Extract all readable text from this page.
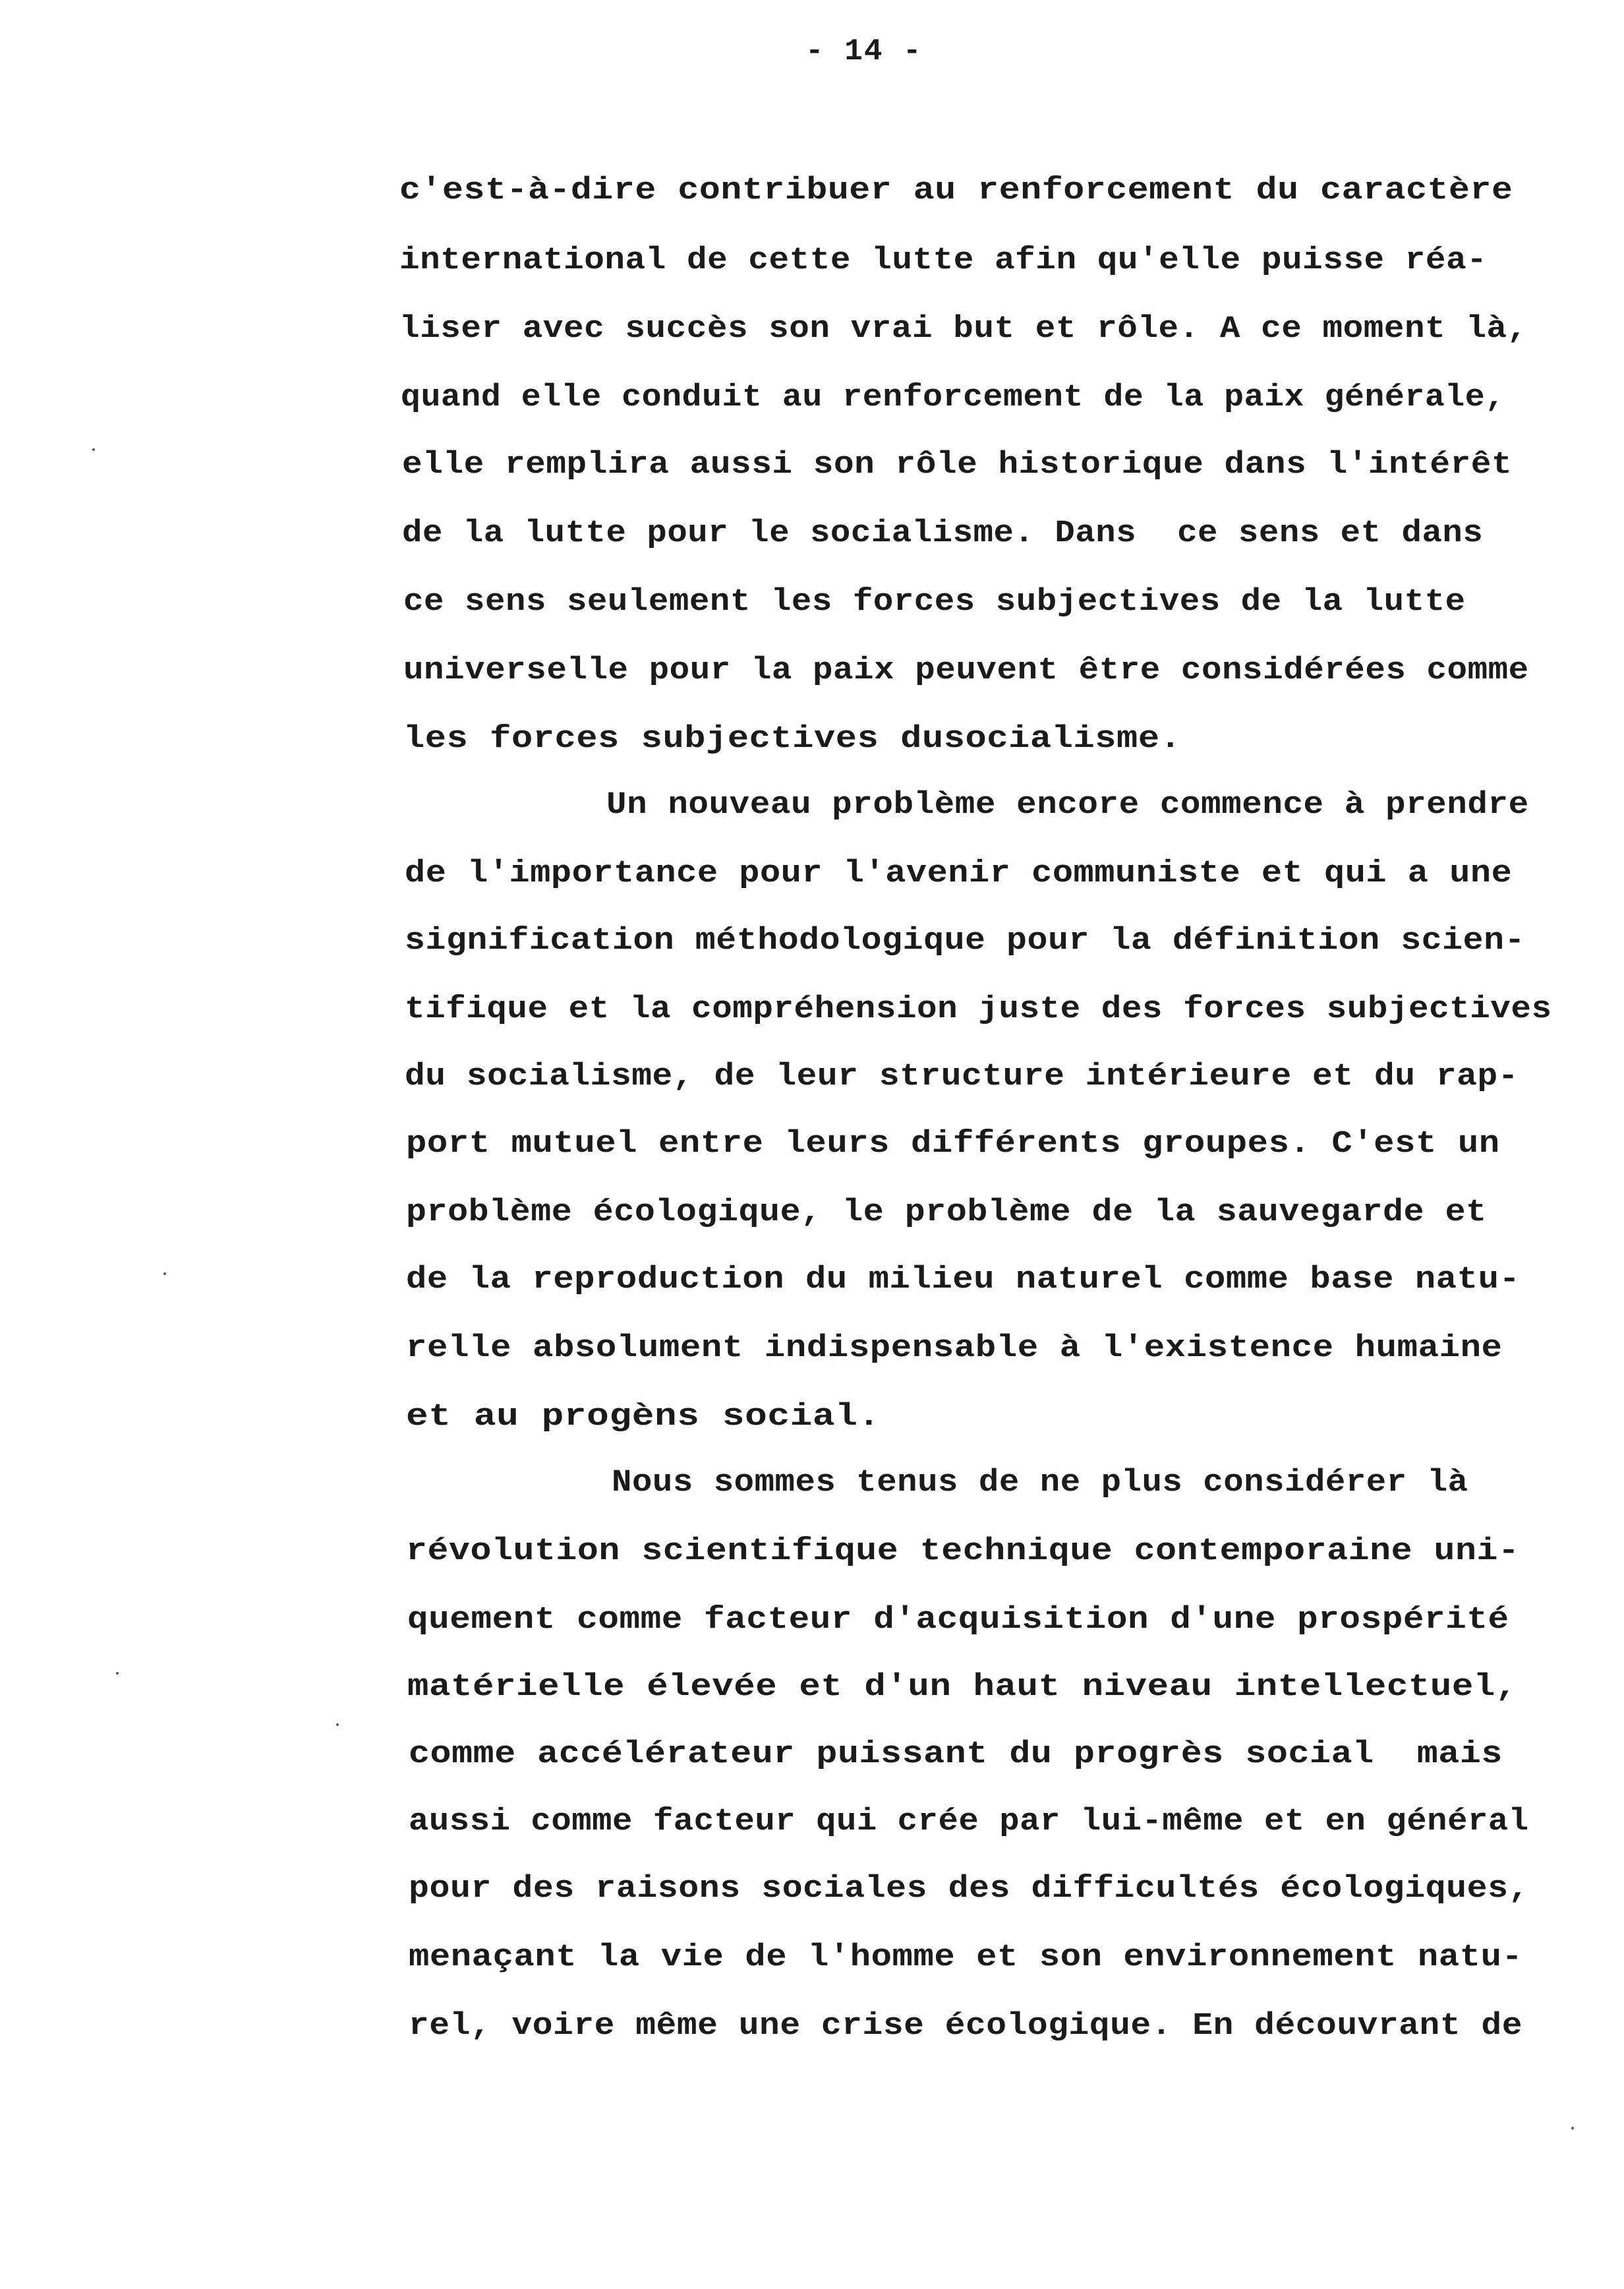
- 14 -
c'est-à-dire contribuer au renforcement du caractère
international de cette lutte afin qu'elle puisse réa-
liser avec succès son vrai but et rôle. A ce moment là,
quand elle conduit au renforcement de la paix générale,
elle remplira aussi son rôle historique dans l'intérêt
de la lutte pour le socialisme. Dans  ce sens et dans
ce sens seulement les forces subjectives de la lutte
universelle pour la paix peuvent être considérées comme
les forces subjectives dusocialisme.
Un nouveau problème encore commence à prendre
de l'importance pour l'avenir communiste et qui a une
signification méthodologique pour la définition scien-
tifique et la compréhension juste des forces subjectives
du socialisme, de leur structure intérieure et du rap-
port mutuel entre leurs différents groupes. C'est un
problème écologique, le problème de la sauvegarde et
de la reproduction du milieu naturel comme base natu-
relle absolument indispensable à l'existence humaine
et au progèns social.
Nous sommes tenus de ne plus considérer là
révolution scientifique technique contemporaine uni-
quement comme facteur d'acquisition d'une prospérité
matérielle élevée et d'un haut niveau intellectuel,
comme accélérateur puissant du progrès social  mais
aussi comme facteur qui crée par lui-même et en général
pour des raisons sociales des difficultés écologiques,
menaçant la vie de l'homme et son environnement natu-
rel, voire même une crise écologique. En découvrant de
